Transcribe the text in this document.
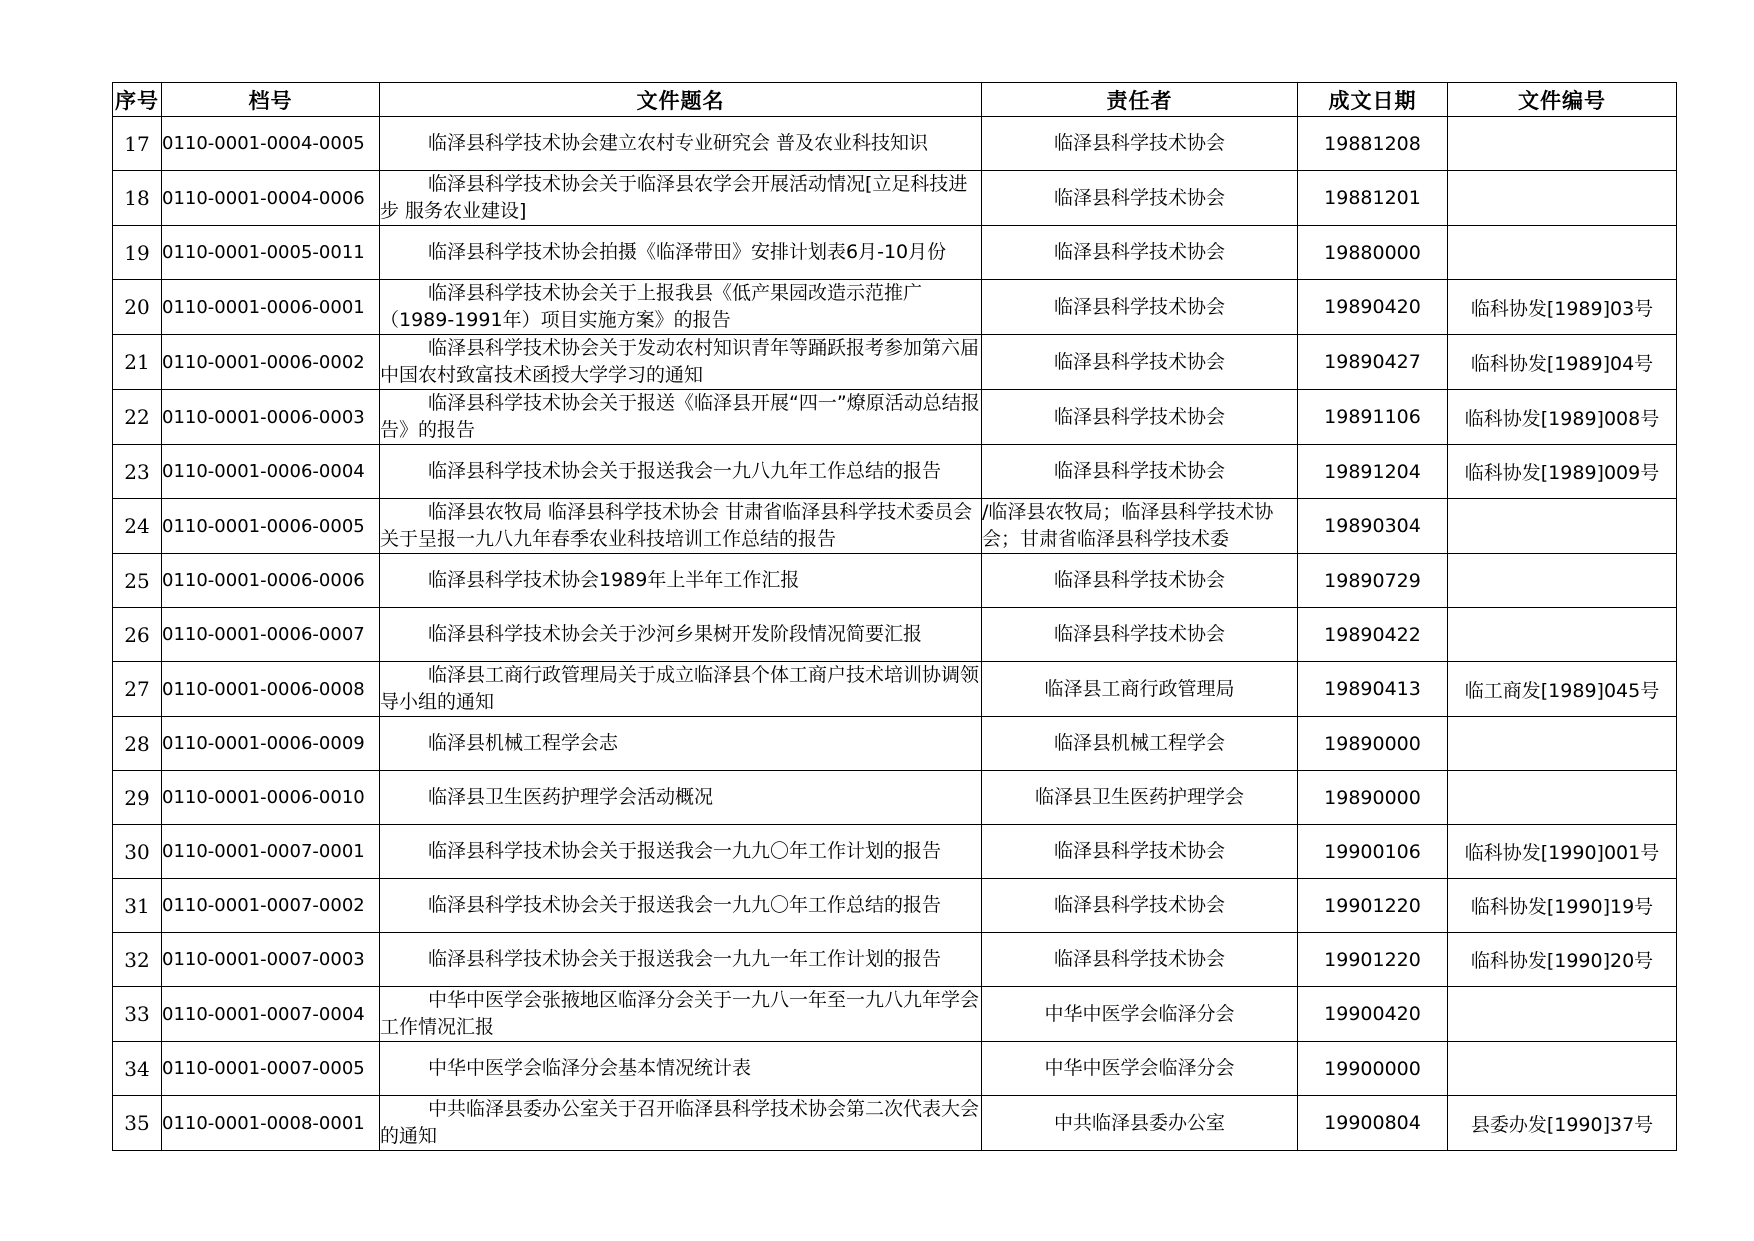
序号	档号	文件题名	责任者	成文日期	文件编号
17	0110-0001-0004-0005	临泽县科学技术协会建立农村专业研究会 普及农业科技知识	临泽县科学技术协会	19881208	
18	0110-0001-0004-0006	临泽县科学技术协会关于临泽县农学会开展活动情况[立足科技进步 服务农业建设]	临泽县科学技术协会	19881201	
19	0110-0001-0005-0011	临泽县科学技术协会拍摄《临泽带田》安排计划表6月-10月份	临泽县科学技术协会	19880000	
20	0110-0001-0006-0001	临泽县科学技术协会关于上报我县《低产果园改造示范推广（1989-1991年）项目实施方案》的报告	临泽县科学技术协会	19890420	临科协发[1989]03号
21	0110-0001-0006-0002	临泽县科学技术协会关于发动农村知识青年等踊跃报考参加第六届中国农村致富技术函授大学学习的通知	临泽县科学技术协会	19890427	临科协发[1989]04号
22	0110-0001-0006-0003	临泽县科学技术协会关于报送《临泽县开展“四一”燎原活动总结报告》的报告	临泽县科学技术协会	19891106	临科协发[1989]008号
23	0110-0001-0006-0004	临泽县科学技术协会关于报送我会一九八九年工作总结的报告	临泽县科学技术协会	19891204	临科协发[1989]009号
24	0110-0001-0006-0005	临泽县农牧局 临泽县科学技术协会 甘肃省临泽县科学技术委员会关于呈报一九八九年春季农业科技培训工作总结的报告	/临泽县农牧局；临泽县科学技术协会；甘肃省临泽县科学技术委	19890304	
25	0110-0001-0006-0006	临泽县科学技术协会1989年上半年工作汇报	临泽县科学技术协会	19890729	
26	0110-0001-0006-0007	临泽县科学技术协会关于沙河乡果树开发阶段情况简要汇报	临泽县科学技术协会	19890422	
27	0110-0001-0006-0008	临泽县工商行政管理局关于成立临泽县个体工商户技术培训协调领导小组的通知	临泽县工商行政管理局	19890413	临工商发[1989]045号
28	0110-0001-0006-0009	临泽县机械工程学会志	临泽县机械工程学会	19890000	
29	0110-0001-0006-0010	临泽县卫生医药护理学会活动概况	临泽县卫生医药护理学会	19890000	
30	0110-0001-0007-0001	临泽县科学技术协会关于报送我会一九九〇年工作计划的报告	临泽县科学技术协会	19900106	临科协发[1990]001号
31	0110-0001-0007-0002	临泽县科学技术协会关于报送我会一九九〇年工作总结的报告	临泽县科学技术协会	19901220	临科协发[1990]19号
32	0110-0001-0007-0003	临泽县科学技术协会关于报送我会一九九一年工作计划的报告	临泽县科学技术协会	19901220	临科协发[1990]20号
33	0110-0001-0007-0004	中华中医学会张掖地区临泽分会关于一九八一年至一九八九年学会工作情况汇报	中华中医学会临泽分会	19900420	
34	0110-0001-0007-0005	中华中医学会临泽分会基本情况统计表	中华中医学会临泽分会	19900000	
35	0110-0001-0008-0001	中共临泽县委办公室关于召开临泽县科学技术协会第二次代表大会的通知	中共临泽县委办公室	19900804	县委办发[1990]37号
